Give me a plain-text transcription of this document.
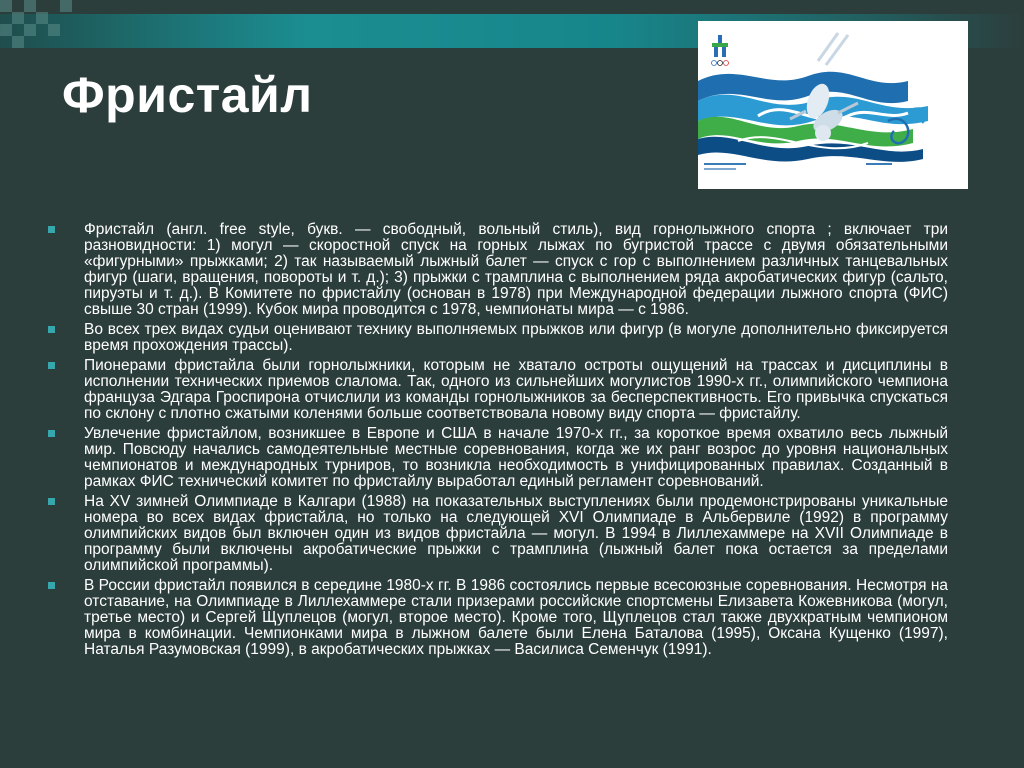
Фристайл
Фристайл (англ. free style, букв. — свободный, вольный стиль), вид горнолыжного спорта ; включает три разновидности: 1) могул — скоростной спуск на горных лыжах по бугристой трассе с двумя обязательными «фигурными» прыжками; 2) так называемый лыжный балет — спуск с гор с выполнением различных танцевальных фигур (шаги, вращения, повороты и т. д.); 3) прыжки с трамплина с выполнением ряда акробатических фигур (сальто, пируэты и т. д.). В Комитете по фристайлу (основан в 1978) при Международной федерации лыжного спорта (ФИС) свыше 30 стран (1999). Кубок мира проводится с 1978, чемпионаты мира — с 1986.
Во всех трех видах судьи оценивают технику выполняемых прыжков или фигур (в могуле дополнительно фиксируется время прохождения трассы).
Пионерами фристайла были горнолыжники, которым не хватало остроты ощущений на трассах и дисциплины в исполнении технических приемов слалома. Так, одного из сильнейших могулистов 1990-х гг., олимпийского чемпиона француза Эдгара Гроспирона отчислили из команды горнолыжников за бесперспективность. Его привычка спускаться по склону с плотно сжатыми коленями больше соответствовала новому виду спорта — фристайлу.
Увлечение фристайлом, возникшее в Европе и США в начале 1970-х гг., за короткое время охватило весь лыжный мир. Повсюду начались самодеятельные местные соревнования, когда же их ранг возрос до уровня национальных чемпионатов и международных турниров, то возникла необходимость в унифицированных правилах. Созданный в рамках ФИС технический комитет по фристайлу выработал единый регламент соревнований.
На XV зимней Олимпиаде в Калгари (1988) на показательных выступлениях были продемонстрированы уникальные номера во всех видах фристайла, но только на следующей XVI Олимпиаде в Альбервиле (1992) в программу олимпийских видов был включен один из видов фристайла — могул. В 1994 в Лиллехаммере на XVII Олимпиаде в программу были включены акробатические прыжки с трамплина (лыжный балет пока остается за пределами олимпийской программы).
В России фристайл появился в середине 1980-х гг. В 1986 состоялись первые всесоюзные соревнования. Несмотря на отставание, на Олимпиаде в Лиллехаммере стали призерами российские спортсмены Елизавета Кожевникова (могул, третье место) и Сергей Щуплецов (могул, второе место). Кроме того, Щуплецов стал также двухкратным чемпионом мира в комбинации. Чемпионками мира в лыжном балете были Елена Баталова (1995), Оксана Кущенко (1997), Наталья Разумовская (1999), в акробатических прыжках — Василиса Семенчук (1991).
